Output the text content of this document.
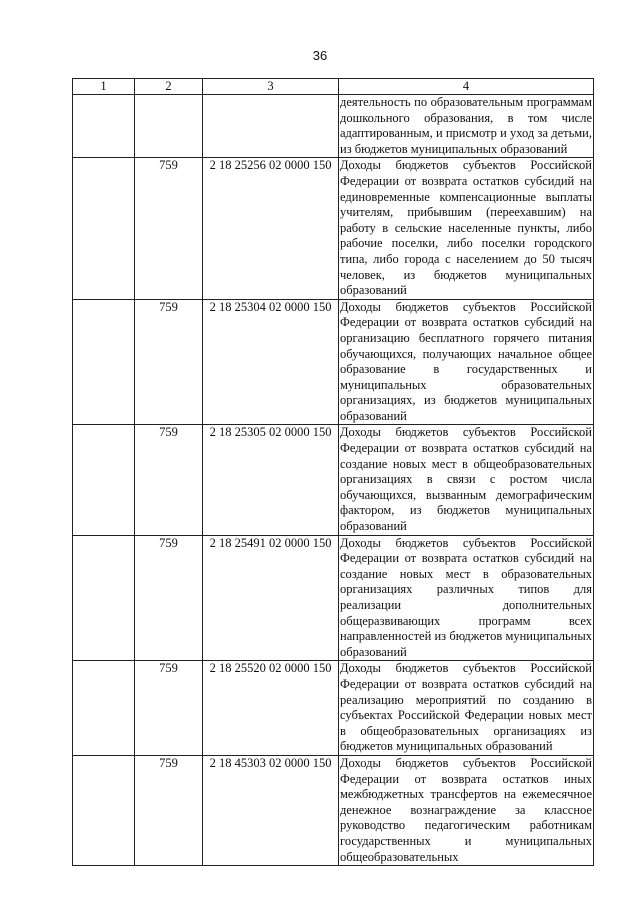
36
1	2	3	4
			деятельность по образовательным программам дошкольного образования, в том числе адаптированным, и присмотр и уход за детьми, из бюджетов муниципальных образований
	759	2 18 25256 02 0000 150	Доходы бюджетов субъектов Российской Федерации от возврата остатков субсидий на единовременные компенсационные выплаты учителям, прибывшим (переехавшим) на работу в сельские населенные пункты, либо рабочие поселки, либо поселки городского типа, либо города с населением до 50 тысяч человек, из бюджетов муниципальных образований
	759	2 18 25304 02 0000 150	Доходы бюджетов субъектов Российской Федерации от возврата остатков субсидий на организацию бесплатного горячего питания обучающихся, получающих начальное общее образование в государственных и муниципальных образовательных организациях, из бюджетов муниципальных образований
	759	2 18 25305 02 0000 150	Доходы бюджетов субъектов Российской Федерации от возврата остатков субсидий на создание новых мест в общеобразовательных организациях в связи с ростом числа обучающихся, вызванным демографическим фактором, из бюджетов муниципальных образований
	759	2 18 25491 02 0000 150	Доходы бюджетов субъектов Российской Федерации от возврата остатков субсидий на создание новых мест в образовательных организациях различных типов для реализации дополнительных общеразвивающих программ всех направленностей из бюджетов муниципальных образований
	759	2 18 25520 02 0000 150	Доходы бюджетов субъектов Российской Федерации от возврата остатков субсидий на реализацию мероприятий по созданию в субъектах Российской Федерации новых мест в общеобразовательных организациях из бюджетов муниципальных образований
	759	2 18 45303 02 0000 150	Доходы бюджетов субъектов Российской Федерации от возврата остатков иных межбюджетных трансфертов на ежемесячное денежное вознаграждение за классное руководство педагогическим работникам государственных и муниципальных общеобразовательных
